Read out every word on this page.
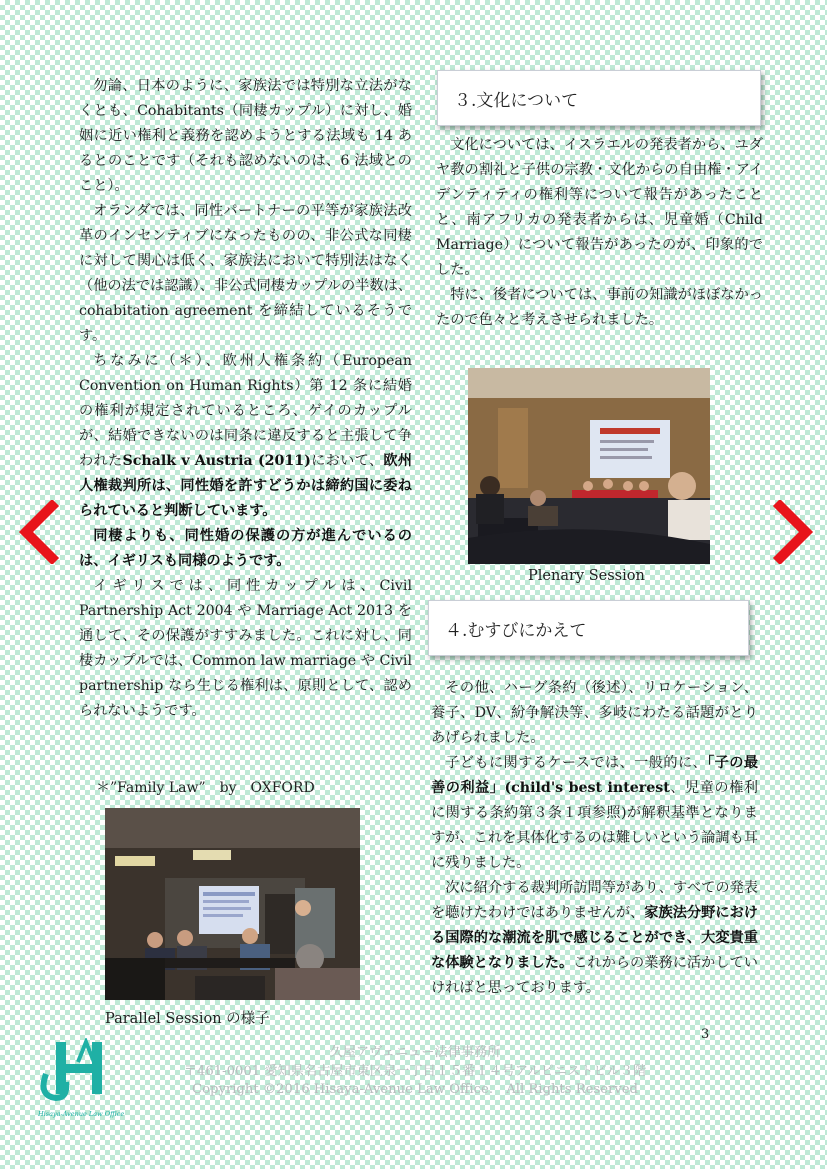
勿論、日本のように、家族法では特別な立法がなくとも、Cohabitants（同棲カップル）に対し、婚姻に近い権利と義務を認めようとする法域も 14 あるとのことです（それも認めないのは、6 法域とのこと）。

オランダでは、同性パートナーの平等が家族法改革のインセンティブになったものの、非公式な同棲に対して関心は低く、家族法において特別法はなく（他の法では認識）、非公式同棲カップルの半数は、cohabitation agreement を締結しているそうです。

ちなみに（＊）、欧州人権条約（European Convention on Human Rights）第 12 条に結婚の権利が規定されているところ、ゲイのカップルが、結婚できないのは同条に違反すると主張して争われたSchalk v Austria (2011)において、欧州人権裁判所は、同性婚を許すどうかは締約国に委ねられていると判断しています。

同棲よりも、同性婚の保護の方が進んでいるのは、イギリスも同様のようです。

イギリスでは、同性カップルは、Civil Partnership Act 2004 や Marriage Act 2013 を通して、その保護がすすみました。これに対し、同棲カップルでは、Common law marriage や Civil partnership なら生じる権利は、原則として、認められないようです。

＊”Family Law”　by　OXFORD
Parallel Session の様子
３.文化について

文化については、イスラエルの発表者から、ユダヤ教の割礼と子供の宗教・文化からの自由権・アイデンティティの権利等について報告があったことと、南アフリカの発表者からは、児童婚（Child Marriage）について報告があったのが、印象的でした。

特に、後者については、事前の知識がほぼなかったので色々と考えさせられました。

Plenary Session
４.むすびにかえて

その他、ハーグ条約（後述）、リロケーション、養子、DV、紛争解決等、多岐にわたる話題がとりあげられました。

子どもに関するケースでは、一般的に、「子の最善の利益」(child's best interest、児童の権利に関する条約第３条１項参照)が解釈基準となりますが、これを具体化するのは難しいという論調も耳に残りました。

次に紹介する裁判所訪問等があり、すべての発表を聴けたわけではありませんが、家族法分野における国際的な潮流を肌で感じることができ、大変貴重な体験となりました。これからの業務に活かしていければと思っております。

3
Hisaya-Avenue Law Office
久屋アヴェニュー法律事務所
〒461-0001 愛知県名古屋市東区泉一丁目１５番１４号アルピニストビル３階
Copyright ©2016 Hisaya-Avenue Law Office.　All Rights Reserved
